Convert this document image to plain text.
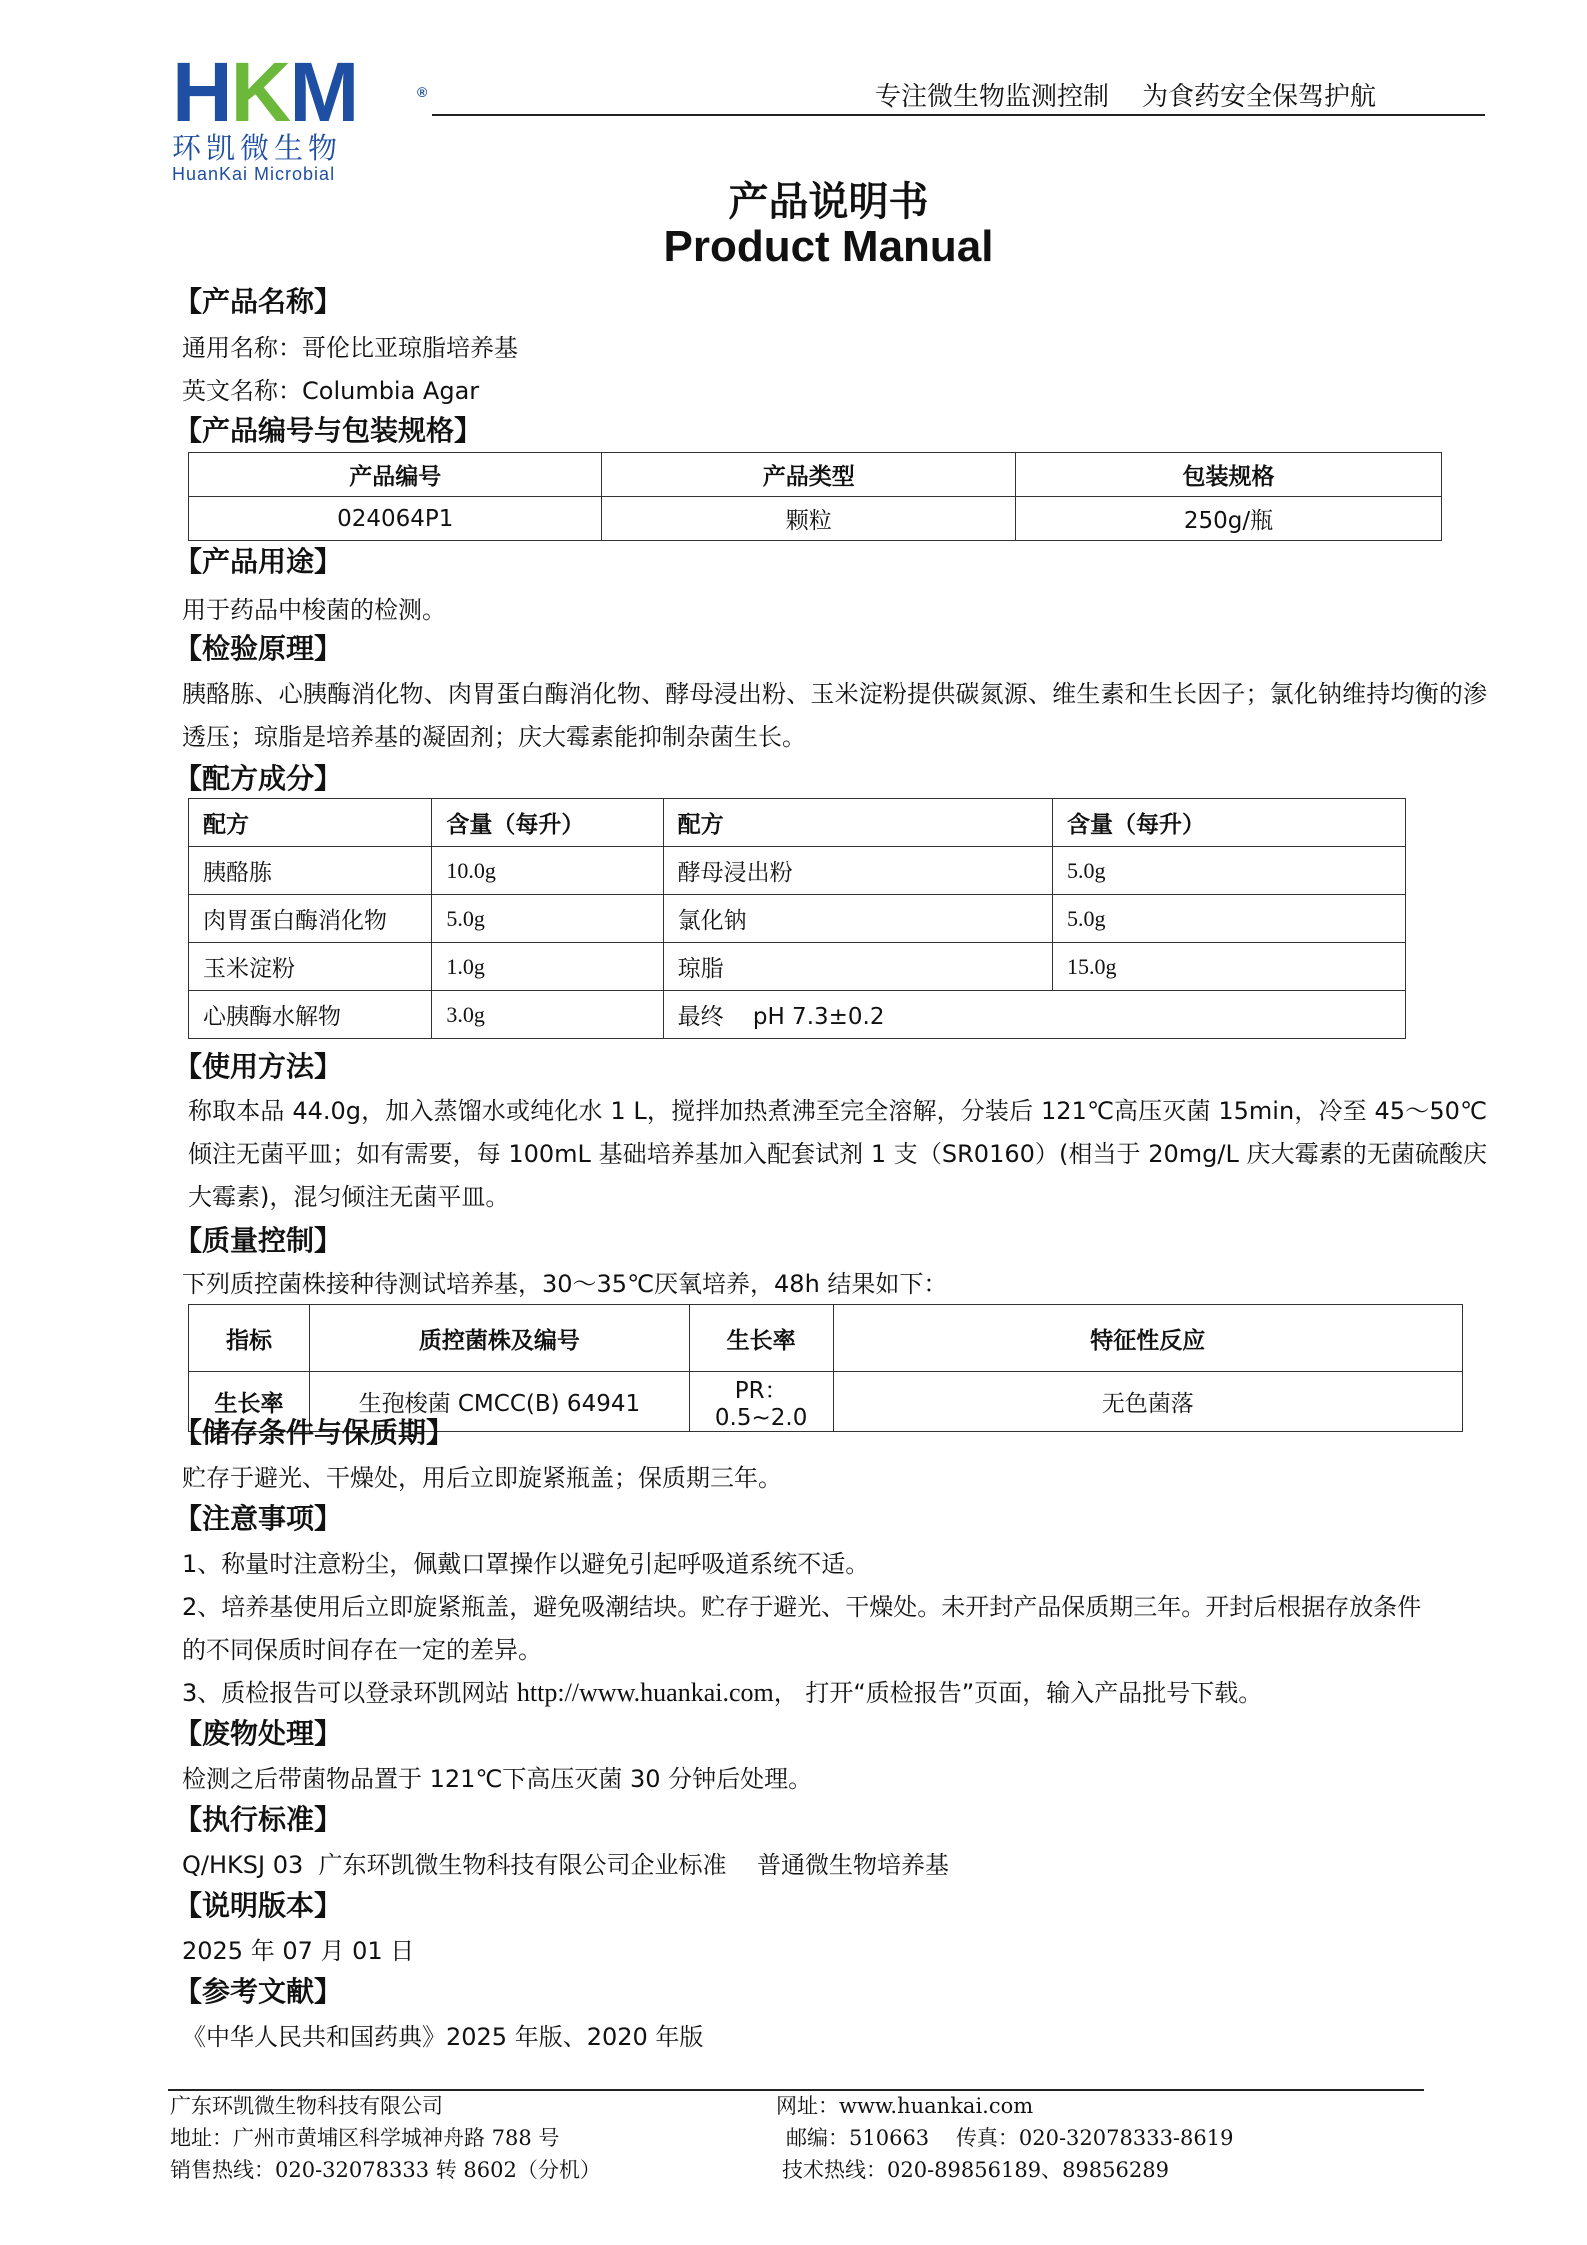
HKM	®
环凯微生物
HuanKai Microbial
专注微生物监测控制    为食药安全保驾护航
产品说明书
Product Manual
【产品名称】
通用名称：哥伦比亚琼脂培养基
英文名称：Columbia Agar
【产品编号与包装规格】
产品编号	产品类型	包装规格
024064P1	颗粒	250g/瓶
【产品用途】
用于药品中梭菌的检测。
【检验原理】
胰酪胨、心胰酶消化物、肉胃蛋白酶消化物、酵母浸出粉、玉米淀粉提供碳氮源、维生素和生长因子；氯化钠维持均衡的渗透压；琼脂是培养基的凝固剂；庆大霉素能抑制杂菌生长。
【配方成分】
配方	含量（每升）	配方	含量（每升）
胰酪胨	10.0g	酵母浸出粉	5.0g
肉胃蛋白酶消化物	5.0g	氯化钠	5.0g
玉米淀粉	1.0g	琼脂	15.0g
心胰酶水解物	3.0g	最终    pH 7.3±0.2	
【使用方法】
称取本品 44.0g，加入蒸馏水或纯化水 1 L，搅拌加热煮沸至完全溶解，分装后 121℃高压灭菌 15min，冷至 45～50℃倾注无菌平皿；如有需要，每 100mL 基础培养基加入配套试剂 1 支（SR0160）(相当于 20mg/L 庆大霉素的无菌硫酸庆大霉素)，混匀倾注无菌平皿。
【质量控制】
下列质控菌株接种待测试培养基，30～35℃厌氧培养，48h 结果如下：
指标	质控菌株及编号	生长率	特征性反应
生长率	生孢梭菌 CMCC(B) 64941	PR：0.5~2.0	无色菌落
【储存条件与保质期】
贮存于避光、干燥处，用后立即旋紧瓶盖；保质期三年。
【注意事项】
1、称量时注意粉尘，佩戴口罩操作以避免引起呼吸道系统不适。
2、培养基使用后立即旋紧瓶盖，避免吸潮结块。贮存于避光、干燥处。未开封产品保质期三年。开封后根据存放条件
的不同保质时间存在一定的差异。
3、质检报告可以登录环凯网站 http://www.huankai.com， 打开“质检报告”页面，输入产品批号下载。
【废物处理】
检测之后带菌物品置于 121℃下高压灭菌 30 分钟后处理。
【执行标准】
Q/HKSJ 03  广东环凯微生物科技有限公司企业标准    普通微生物培养基
【说明版本】
2025 年 07 月 01 日
【参考文献】
《中华人民共和国药典》2025 年版、2020 年版
广东环凯微生物科技有限公司
地址：广州市黄埔区科学城神舟路 788 号
销售热线：020-32078333 转 8602（分机）
网址：www.huankai.com
邮编：510663    传真：020-32078333-8619
技术热线：020-89856189、89856289
